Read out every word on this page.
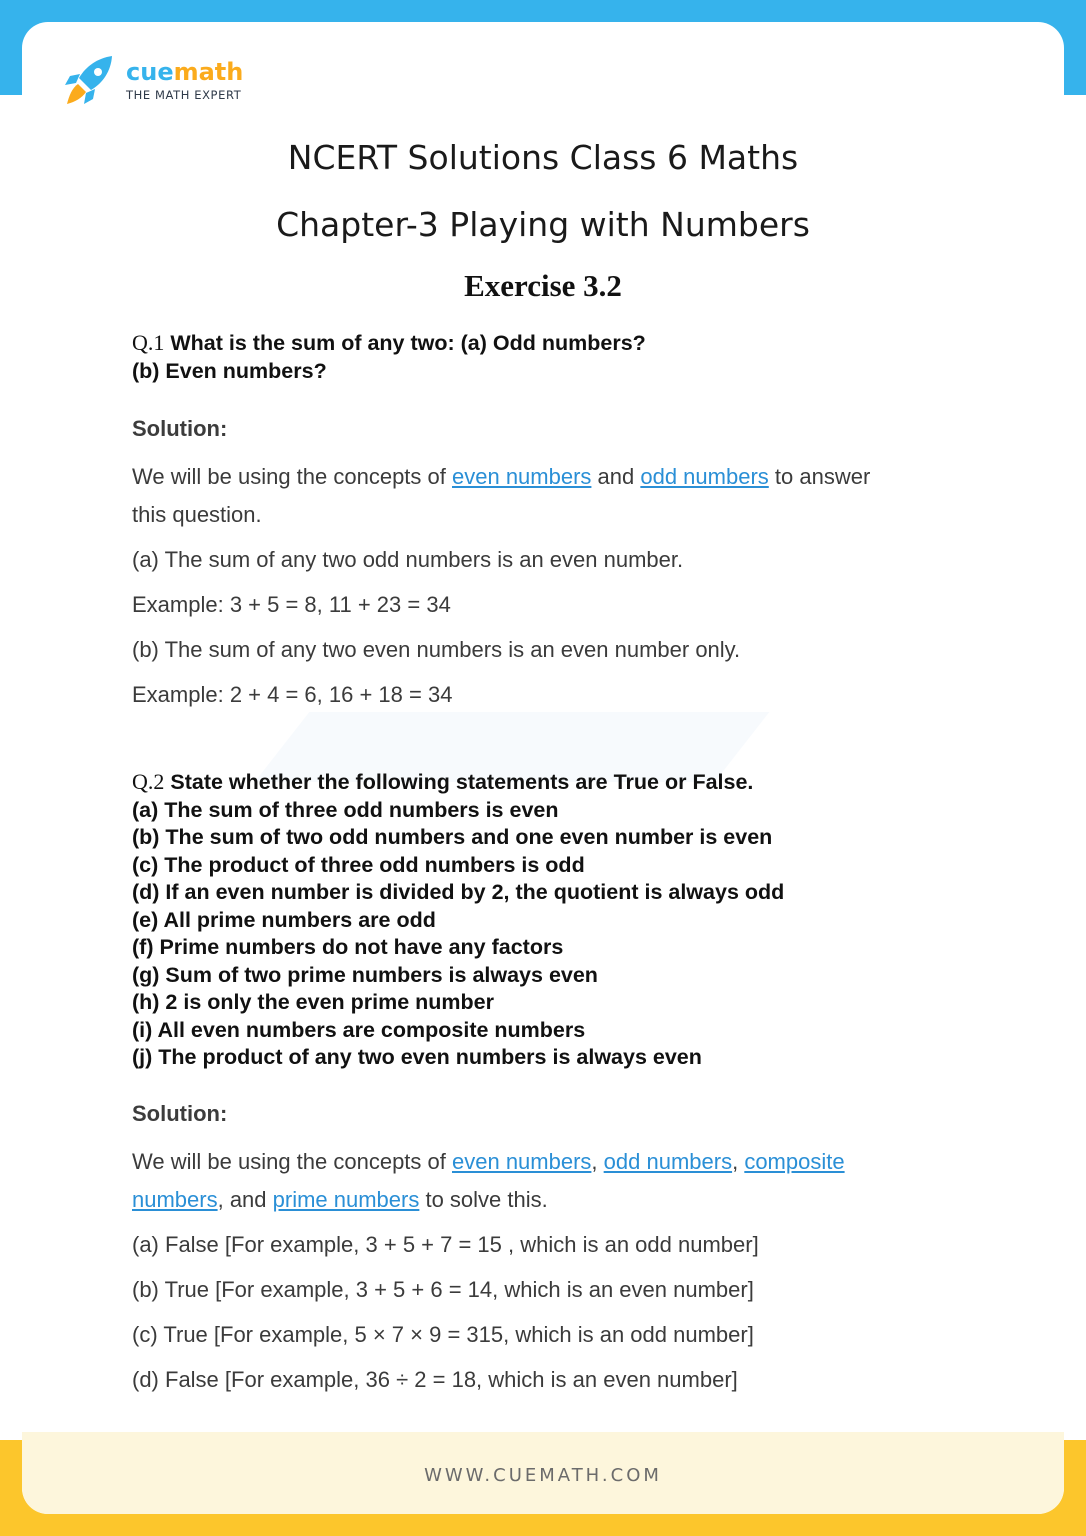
cuemath
THE MATH EXPERT
NCERT Solutions Class 6 Maths
Chapter-3 Playing with Numbers
Exercise 3.2
Q.1 What is the sum of any two: (a) Odd numbers?
(b) Even numbers?
Solution:

We will be using the concepts of even numbers and odd numbers to answer

this question.

(a) The sum of any two odd numbers is an even number.

Example: 3 + 5 = 8, 11 + 23 = 34

(b) The sum of any two even numbers is an even number only.

Example: 2 + 4 = 6, 16 + 18 = 34

Q.2 State whether the following statements are True or False.
(a) The sum of three odd numbers is even
(b) The sum of two odd numbers and one even number is even
(c) The product of three odd numbers is odd
(d) If an even number is divided by 2, the quotient is always odd
(e) All prime numbers are odd
(f) Prime numbers do not have any factors
(g) Sum of two prime numbers is always even
(h) 2 is only the even prime number
(i) All even numbers are composite numbers
(j) The product of any two even numbers is always even
Solution:

We will be using the concepts of even numbers, odd numbers, composite

numbers, and prime numbers to solve this.

(a) False [For example, 3 + 5 + 7 = 15 , which is an odd number]

(b) True [For example, 3 + 5 + 6 = 14, which is an even number]

(c) True [For example, 5 × 7 × 9 = 315, which is an odd number]

(d) False [For example, 36 ÷ 2 = 18, which is an even number]

WWW.CUEMATH.COM
